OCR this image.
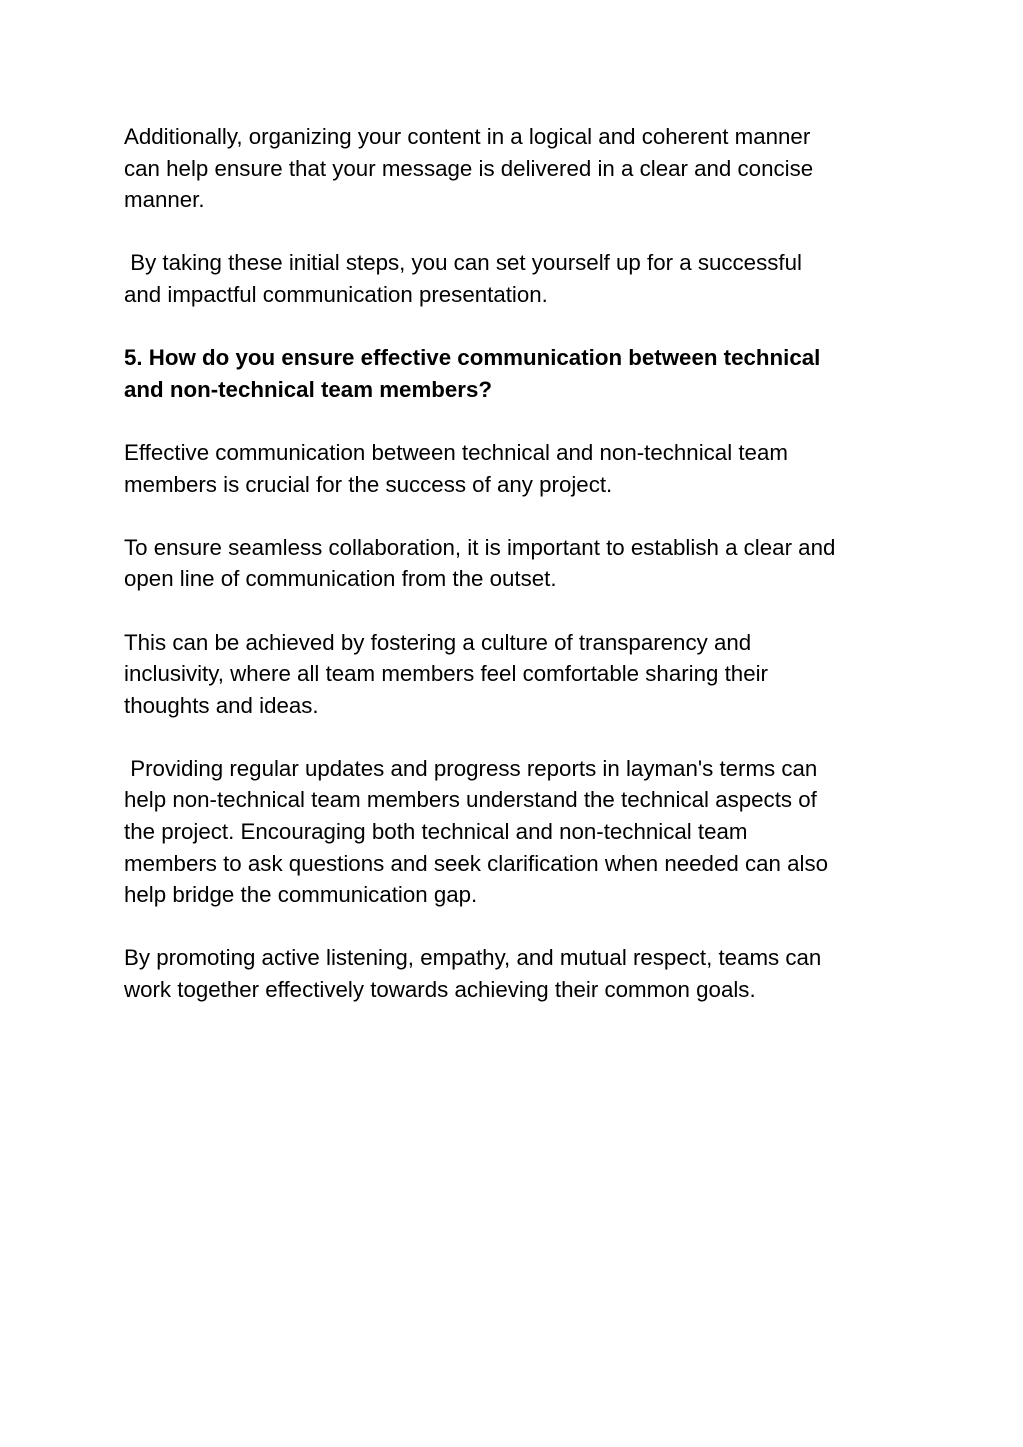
Additionally, organizing your content in a logical and coherent manner
can help ensure that your message is delivered in a clear and concise
manner.

By taking these initial steps, you can set yourself up for a successful
and impactful communication presentation.

5. How do you ensure effective communication between technical
and non-technical team members?

Effective communication between technical and non-technical team
members is crucial for the success of any project.

To ensure seamless collaboration, it is important to establish a clear and
open line of communication from the outset.

This can be achieved by fostering a culture of transparency and
inclusivity, where all team members feel comfortable sharing their
thoughts and ideas.

Providing regular updates and progress reports in layman's terms can
help non-technical team members understand the technical aspects of
the project. Encouraging both technical and non-technical team
members to ask questions and seek clarification when needed can also
help bridge the communication gap.

By promoting active listening, empathy, and mutual respect, teams can
work together effectively towards achieving their common goals.
